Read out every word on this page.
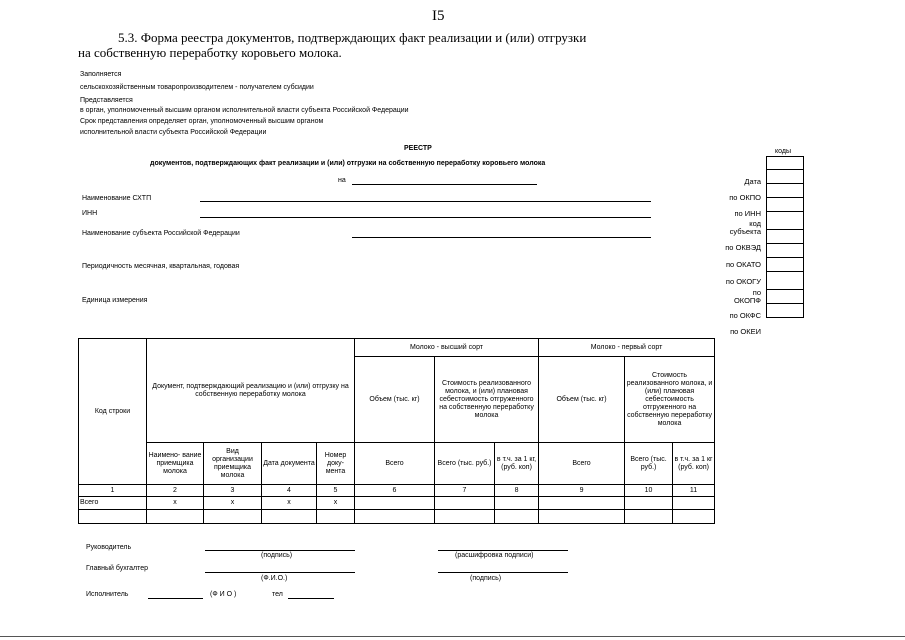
I5
5.3. Форма реестра документов, подтверждающих факт реализации и (или) отгрузки
на собственную переработку коровьего молока.
Заполняется
сельскохозяйственным товаропроизводителем - получателем субсидии
Представляется
в орган, уполномоченный высшим органом исполнительной власти субъекта Российской Федерации
Срок представления определяет орган, уполномоченный высшим органом
исполнительной власти субъекта Российской Федерации
РЕЕСТР
документов, подтверждающих факт реализации и (или) отгрузки на собственную переработку коровьего молока
на
Наименование СХТП
ИНН
Наименование субъекта Российской Федерации
Периодичность месячная, квартальная, годовая
Единица измерения
коды
Дата
по ОКПО
по ИНН
код субъекта
по ОКВЭД
по ОКАТО
по ОКОГУ
по ОКОПФ
по ОКФС
по ОКЕИ
Код строки	Документ, подтверждающий реализацию и (или) отгрузку на собственную переработку молока				Молоко - высший сорт			Молоко - первый сорт		
					Объем (тыс. кг)	Стоимость реализованного молока, и (или) плановая себестоимость отгруженного на собственную переработку молока		Объем (тыс. кг)	Стоимость реализованного молока, и (или) плановая себестоимость отгруженного на собственную переработку молока	
	Наимено- вание приемщика молока	Вид организации приемщика молока	Дата документа	Номер доку- мента	Всего	Всего (тыс. руб.)	в т.ч. за 1 кг, (руб. коп)	Всего	Всего (тыс. руб.)	в т.ч. за 1 кг (руб. коп)
1	2	3	4	5	6	7	8	9	10	11
Всего	x	x	x	x						

Руководитель
(подпись)	(расшифровка подписи)
Главный бухгалтер
(Ф.И.О.)	(подпись)
Исполнитель	(Ф И О )	тел
